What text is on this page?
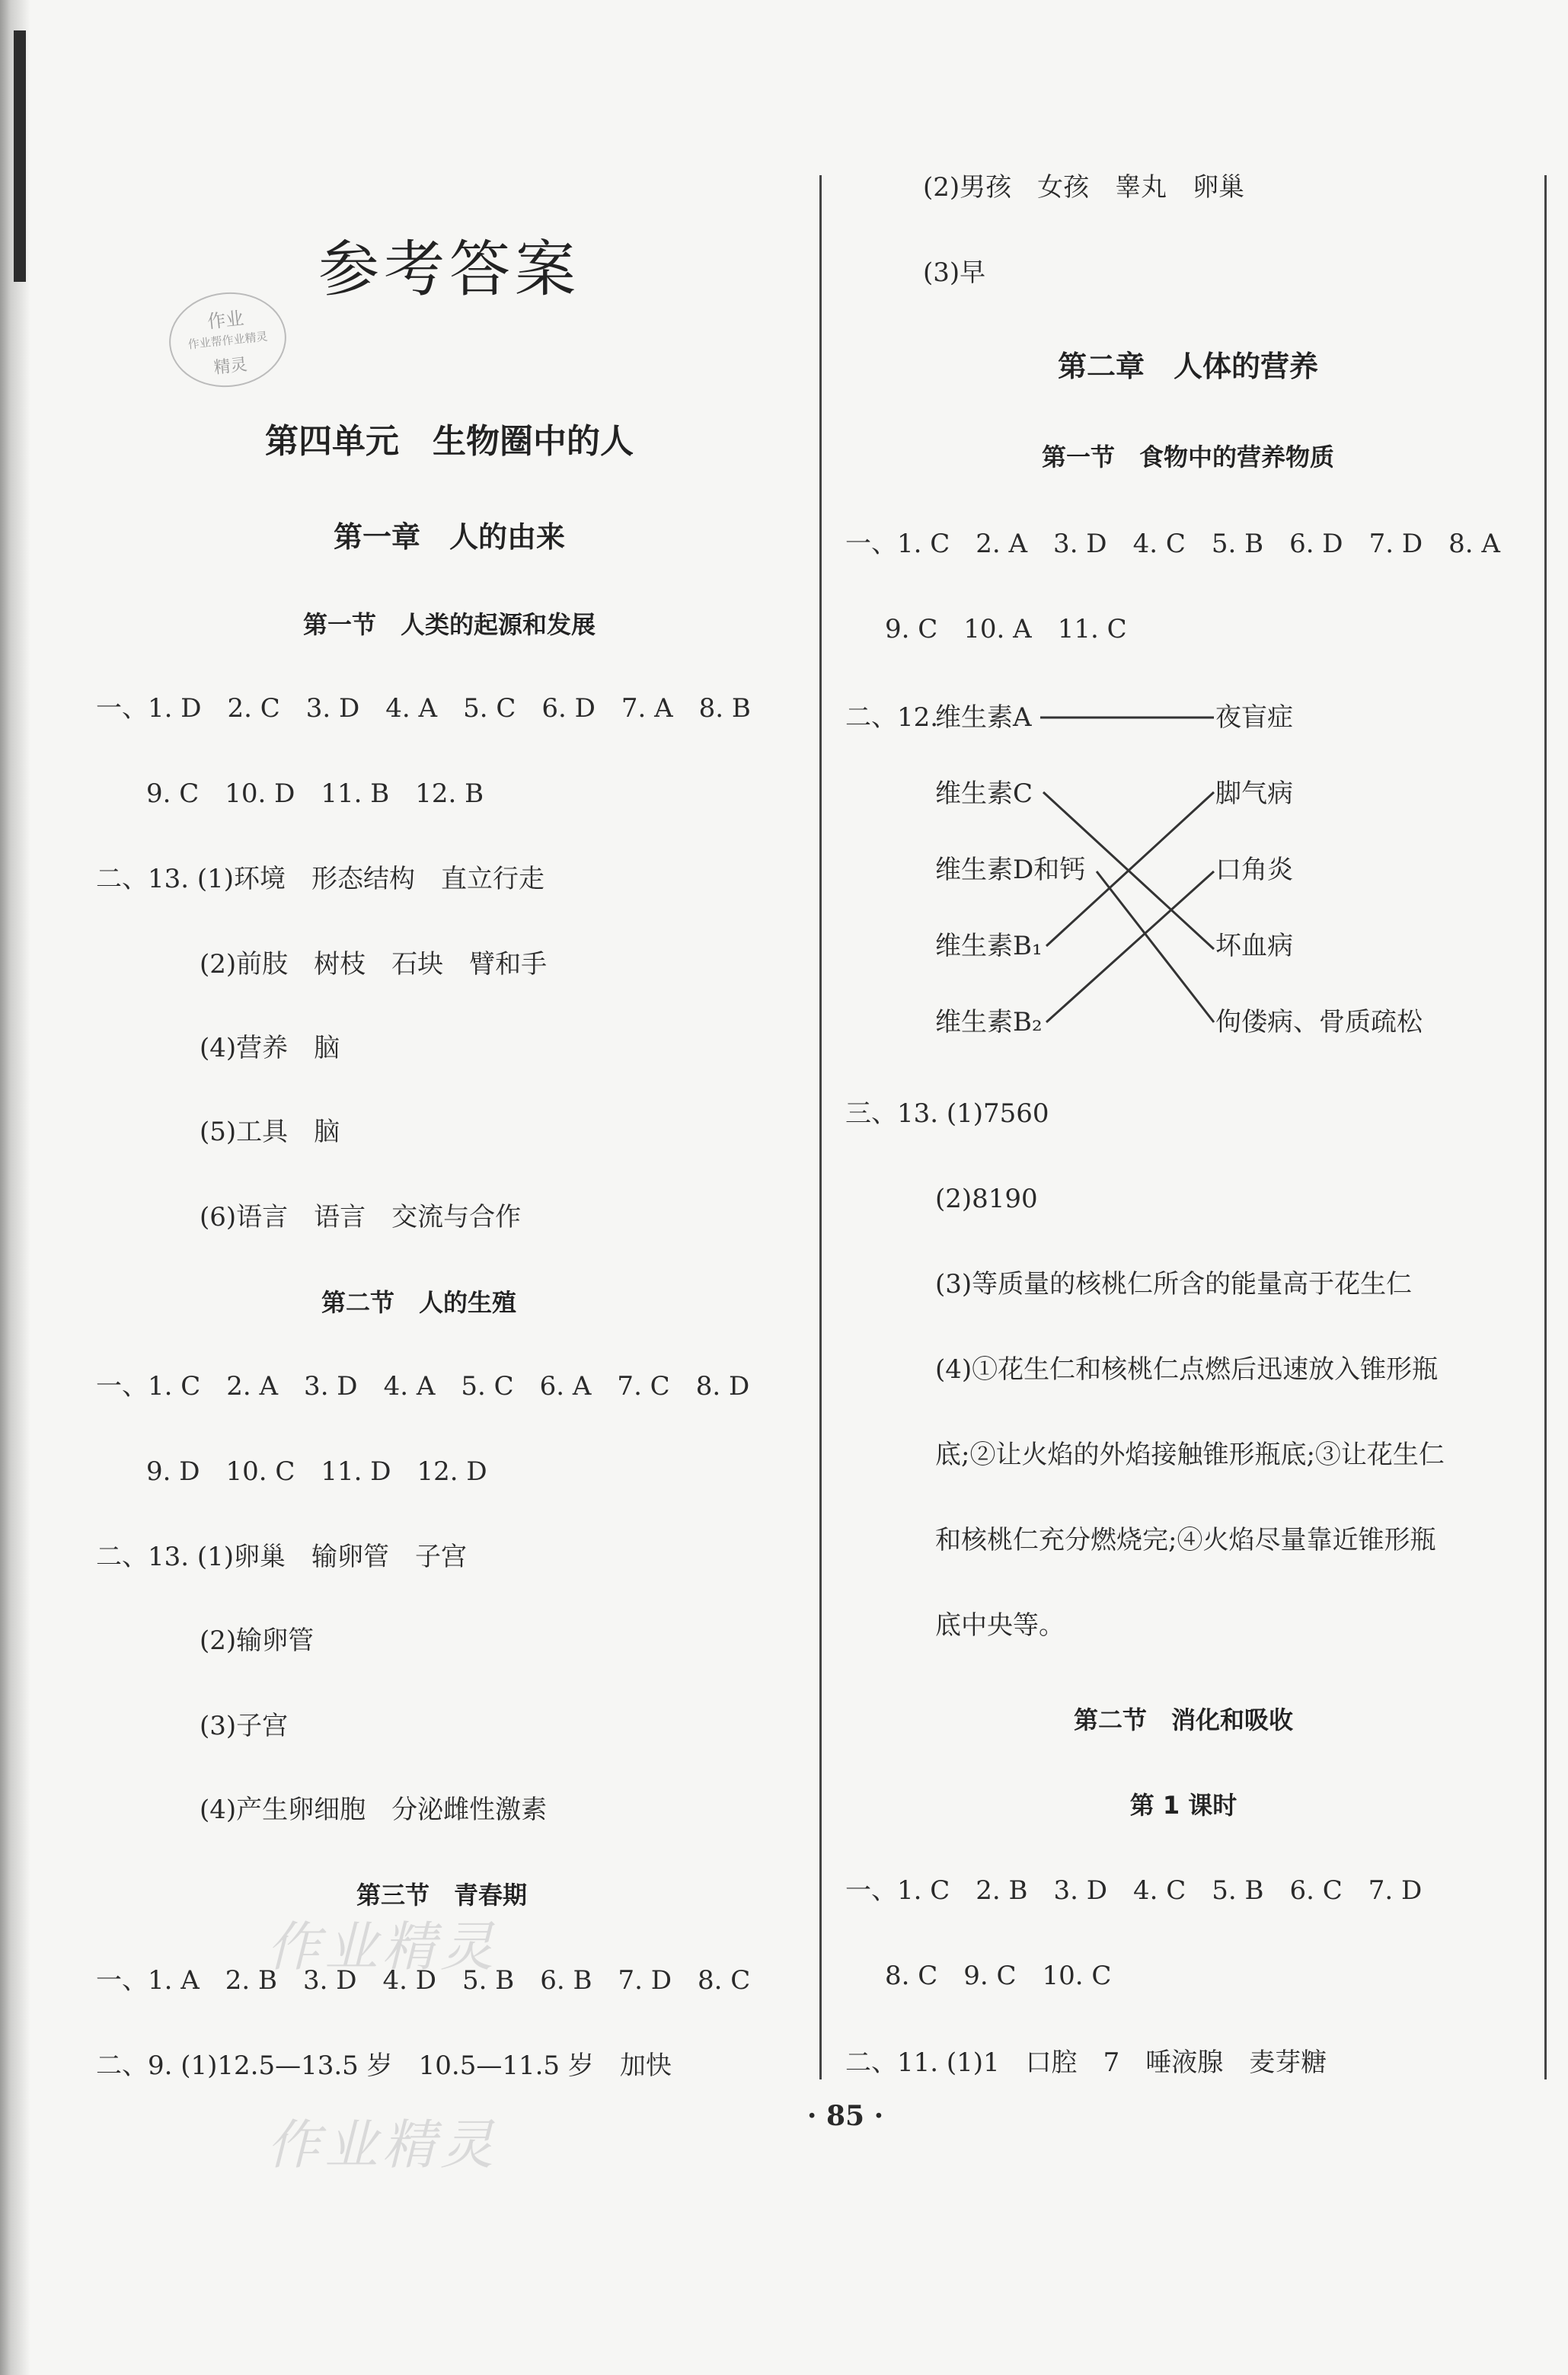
参考答案
作业
作业帮作业精灵
精灵
第四单元　生物圈中的人
第一章　人的由来
第一节　人类的起源和发展
一、1. D　2. C　3. D　4. A　5. C　6. D　7. A　8. B
9. C　10. D　11. B　12. B
二、13. (1)环境　形态结构　直立行走
(2)前肢　树枝　石块　臂和手
(4)营养　脑
(5)工具　脑
(6)语言　语言　交流与合作
第二节　人的生殖
一、1. C　2. A　3. D　4. A　5. C　6. A　7. C　8. D
9. D　10. C　11. D　12. D
二、13. (1)卵巢　输卵管　子宫
(2)输卵管
(3)子宫
(4)产生卵细胞　分泌雌性激素
第三节　青春期
一、1. A　2. B　3. D　4. D　5. B　6. B　7. D　8. C
二、9. (1)12.5—13.5 岁　10.5—11.5 岁　加快
作业精灵
作业精灵
(2)男孩　女孩　睾丸　卵巢
(3)早
第二章　人体的营养
第一节　食物中的营养物质
一、1. C　2. A　3. D　4. C　5. B　6. D　7. D　8. A
9. C　10. A　11. C
二、12.
维生素A
维生素C
维生素D和钙
维生素B₁
维生素B₂
夜盲症
脚气病
口角炎
坏血病
佝偻病、骨质疏松
三、13. (1)7560
(2)8190
(3)等质量的核桃仁所含的能量高于花生仁
(4)①花生仁和核桃仁点燃后迅速放入锥形瓶
底;②让火焰的外焰接触锥形瓶底;③让花生仁
和核桃仁充分燃烧完;④火焰尽量靠近锥形瓶
底中央等。
第二节　消化和吸收
第 1 课时
一、1. C　2. B　3. D　4. C　5. B　6. C　7. D
8. C　9. C　10. C
二、11. (1)1　口腔　7　唾液腺　麦芽糖
· 85 ·
